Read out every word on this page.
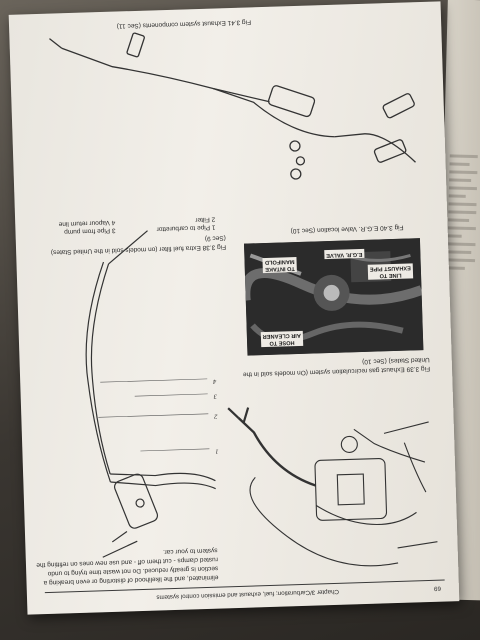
69
Chapter 3/Carburation; fuel, exhaust and emission control systems
eliminated, and the likelihood of distorting or even breaking a
section is greatly reduced. Do not waste time trying to undo
rusted clamps - cut them off - and use new ones on refitting the
system to your car.
Fig 3.39 Exhaust gas recirculation system (On models sold in the
United States) (Sec 10)
1
2
3
4
Fig 3.38 Extra fuel filter (on models sold in the United States)
(Sec 9)
1 Pipe to carburettor
2 Filter
3 Pipe from pump
4 Vapour return line
HOSE TO
AIR CLEANER
LINE TO
EXHAUST PIPE
E.G.R. VALVE
TO INTAKE
MANIFOLD
Fig 3.40 E.G.R. Valve location (Sec 10)
Fig 3.41 Exhaust system components (Sec 11)
